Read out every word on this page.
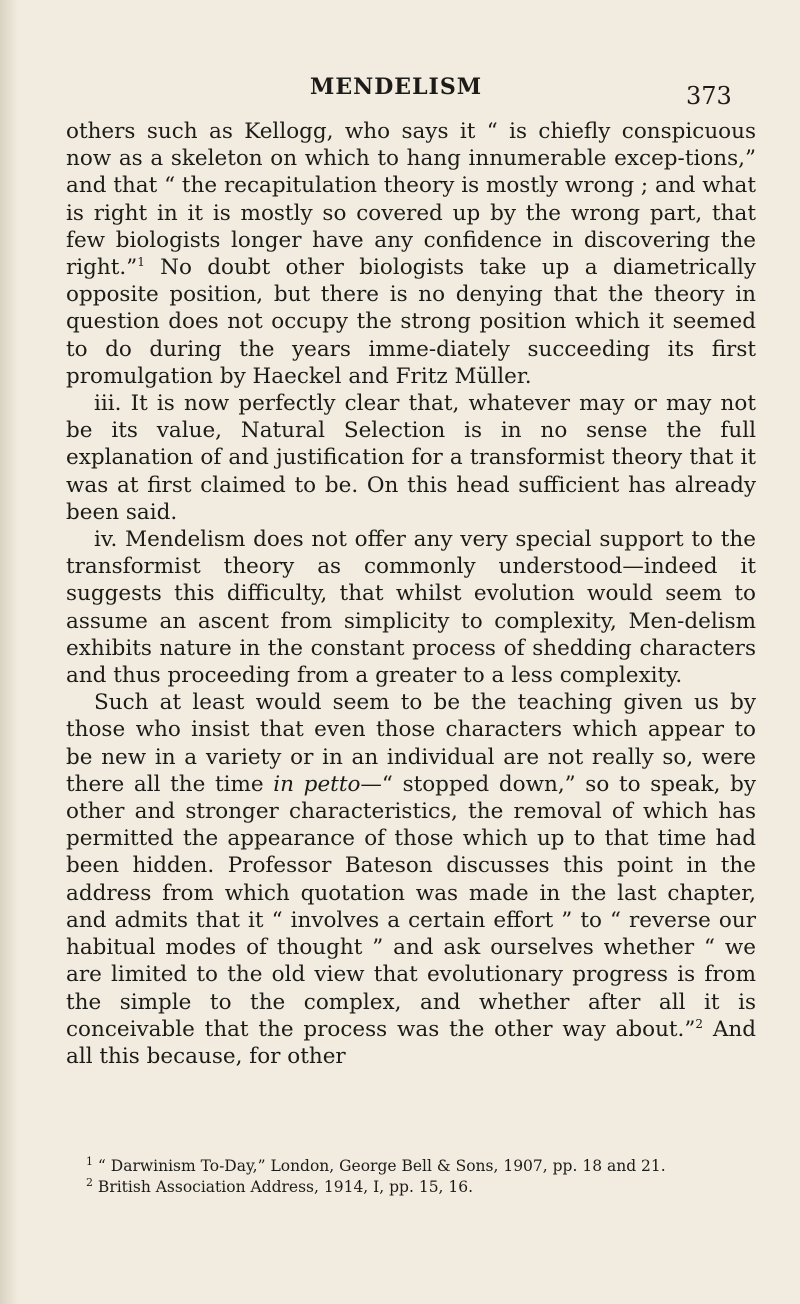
MENDELISM	373

others such as Kellogg, who says it “ is chiefly conspicuous now as a skeleton on which to hang innumerable excep-tions,” and that “ the recapitulation theory is mostly wrong ; and what is right in it is mostly so covered up by the wrong part, that few biologists longer have any confidence in discovering the right.”$^1$ No doubt other biologists take up a diametrically opposite position, but there is no denying that the theory in question does not occupy the strong position which it seemed to do during the years imme-diately succeeding its first promulgation by Haeckel and Fritz Müller.

iii. It is now perfectly clear that, whatever may or may not be its value, Natural Selection is in no sense the full explanation of and justification for a transformist theory that it was at first claimed to be. On this head sufficient has already been said.

iv. Mendelism does not offer any very special support to the transformist theory as commonly understood—indeed it suggests this difficulty, that whilst evolution would seem to assume an ascent from simplicity to complexity, Men-delism exhibits nature in the constant process of shedding characters and thus proceeding from a greater to a less complexity.

Such at least would seem to be the teaching given us by those who insist that even those characters which appear to be new in a variety or in an individual are not really so, were there all the time in petto—“ stopped down,” so to speak, by other and stronger characteristics, the removal of which has permitted the appearance of those which up to that time had been hidden. Professor Bateson discusses this point in the address from which quotation was made in the last chapter, and admits that it “ involves a certain effort ” to “ reverse our habitual modes of thought ” and ask ourselves whether “ we are limited to the old view that evolutionary progress is from the simple to the complex, and whether after all it is conceivable that the process was the other way about.”$^2$ And all this because, for other

$^1$ “ Darwinism To-Day,” London, George Bell & Sons, 1907, pp. 18 and 21.

$^2$ British Association Address, 1914, I, pp. 15, 16.
